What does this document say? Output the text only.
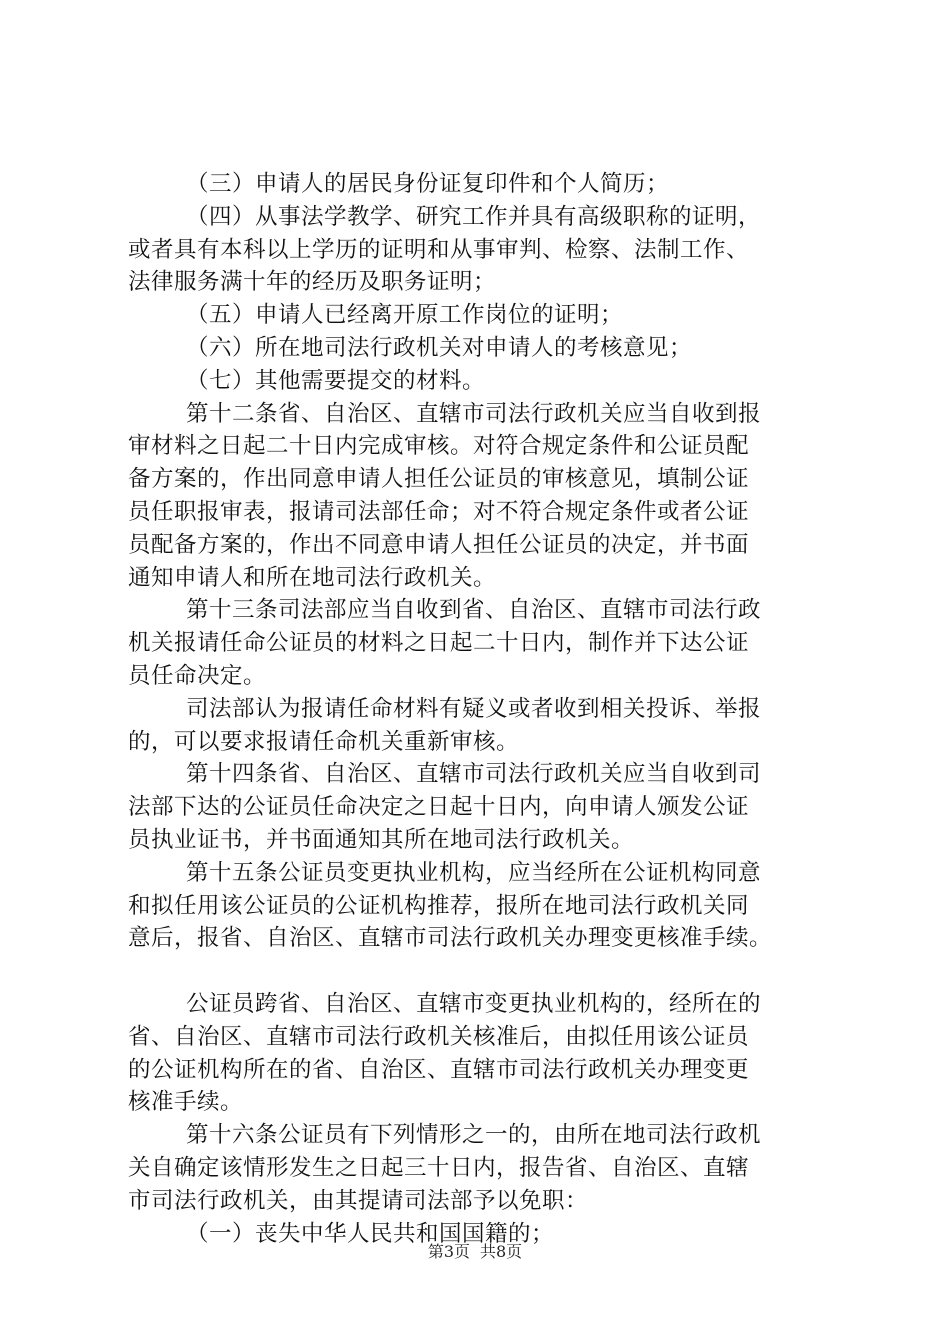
（三）申请人的居民身份证复印件和个人简历；
（四）从事法学教学、研究工作并具有高级职称的证明，
或者具有本科以上学历的证明和从事审判、检察、法制工作、
法律服务满十年的经历及职务证明；
（五）申请人已经离开原工作岗位的证明；
（六）所在地司法行政机关对申请人的考核意见；
（七）其他需要提交的材料。
第十二条省、自治区、直辖市司法行政机关应当自收到报
审材料之日起二十日内完成审核。对符合规定条件和公证员配
备方案的，作出同意申请人担任公证员的审核意见，填制公证
员任职报审表，报请司法部任命；对不符合规定条件或者公证
员配备方案的，作出不同意申请人担任公证员的决定，并书面
通知申请人和所在地司法行政机关。
第十三条司法部应当自收到省、自治区、直辖市司法行政
机关报请任命公证员的材料之日起二十日内，制作并下达公证
员任命决定。
司法部认为报请任命材料有疑义或者收到相关投诉、举报
的，可以要求报请任命机关重新审核。
第十四条省、自治区、直辖市司法行政机关应当自收到司
法部下达的公证员任命决定之日起十日内，向申请人颁发公证
员执业证书，并书面通知其所在地司法行政机关。
第十五条公证员变更执业机构，应当经所在公证机构同意
和拟任用该公证员的公证机构推荐，报所在地司法行政机关同
意后，报省、自治区、直辖市司法行政机关办理变更核准手续。
公证员跨省、自治区、直辖市变更执业机构的，经所在的
省、自治区、直辖市司法行政机关核准后，由拟任用该公证员
的公证机构所在的省、自治区、直辖市司法行政机关办理变更
核准手续。
第十六条公证员有下列情形之一的，由所在地司法行政机
关自确定该情形发生之日起三十日内，报告省、自治区、直辖
市司法行政机关，由其提请司法部予以免职：
（一）丧失中华人民共和国国籍的；
第3页 共8页
